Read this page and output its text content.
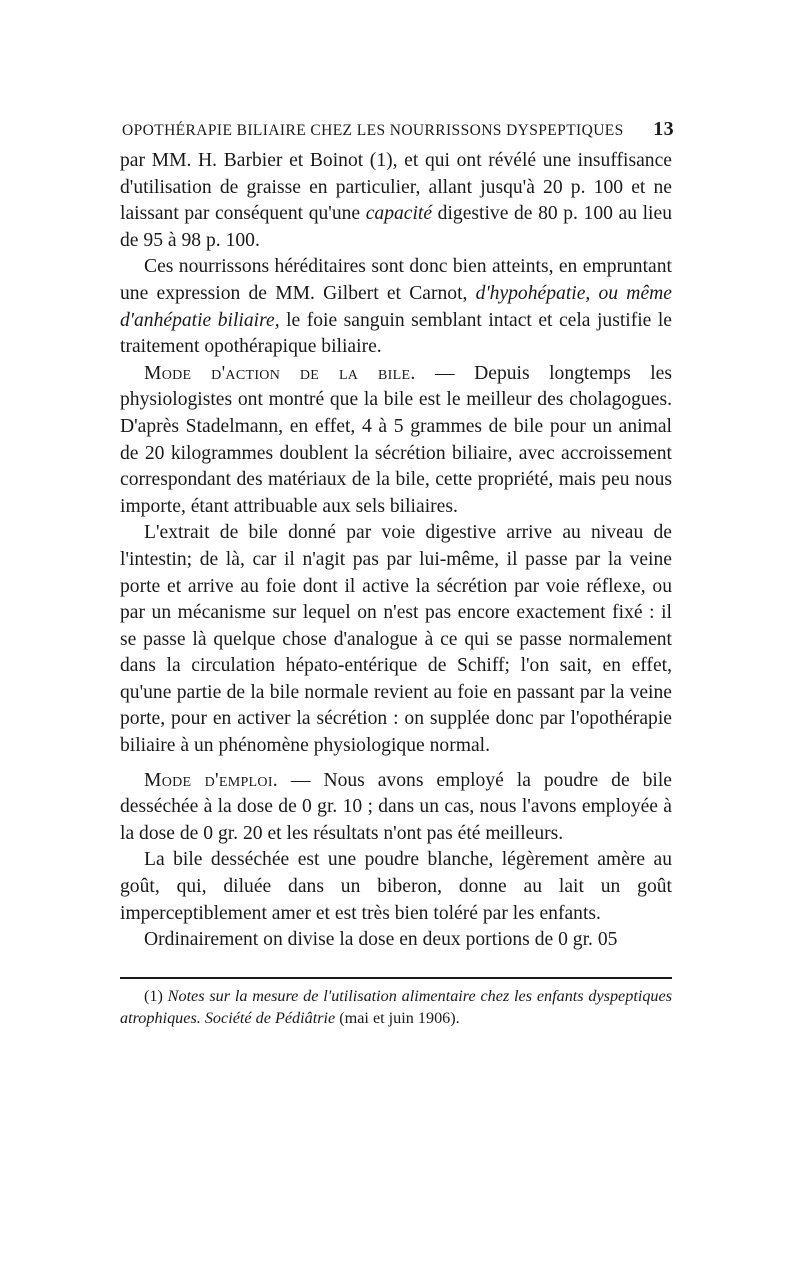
OPOTHÉRAPIE BILIAIRE CHEZ LES NOURRISSONS DYSPEPTIQUES 13

par MM. H. Barbier et Boinot (1), et qui ont révélé une insuffisance d'utilisation de graisse en particulier, allant jusqu'à 20 p. 100 et ne laissant par conséquent qu'une capacité digestive de 80 p. 100 au lieu de 95 à 98 p. 100.

Ces nourrissons héréditaires sont donc bien atteints, en empruntant une expression de MM. Gilbert et Carnot, d'hypohépatie, ou même d'anhépatie biliaire, le foie sanguin semblant intact et cela justifie le traitement opothérapique biliaire.

Mode d'action de la bile. — Depuis longtemps les physiologistes ont montré que la bile est le meilleur des cholagogues. D'après Stadelmann, en effet, 4 à 5 grammes de bile pour un animal de 20 kilogrammes doublent la sécrétion biliaire, avec accroissement correspondant des matériaux de la bile, cette propriété, mais peu nous importe, étant attribuable aux sels biliaires.

L'extrait de bile donné par voie digestive arrive au niveau de l'intestin; de là, car il n'agit pas par lui-même, il passe par la veine porte et arrive au foie dont il active la sécrétion par voie réflexe, ou par un mécanisme sur lequel on n'est pas encore exactement fixé : il se passe là quelque chose d'analogue à ce qui se passe normalement dans la circulation hépato-entérique de Schiff; l'on sait, en effet, qu'une partie de la bile normale revient au foie en passant par la veine porte, pour en activer la sécrétion : on supplée donc par l'opothérapie biliaire à un phénomène physiologique normal.

Mode d'emploi. — Nous avons employé la poudre de bile desséchée à la dose de 0 gr. 10 ; dans un cas, nous l'avons employée à la dose de 0 gr. 20 et les résultats n'ont pas été meilleurs.

La bile desséchée est une poudre blanche, légèrement amère au goût, qui, diluée dans un biberon, donne au lait un goût imperceptiblement amer et est très bien toléré par les enfants.

Ordinairement on divise la dose en deux portions de 0 gr. 05

(1) Notes sur la mesure de l'utilisation alimentaire chez les enfants dyspeptiques atrophiques. Société de Pédiâtrie (mai et juin 1906).
